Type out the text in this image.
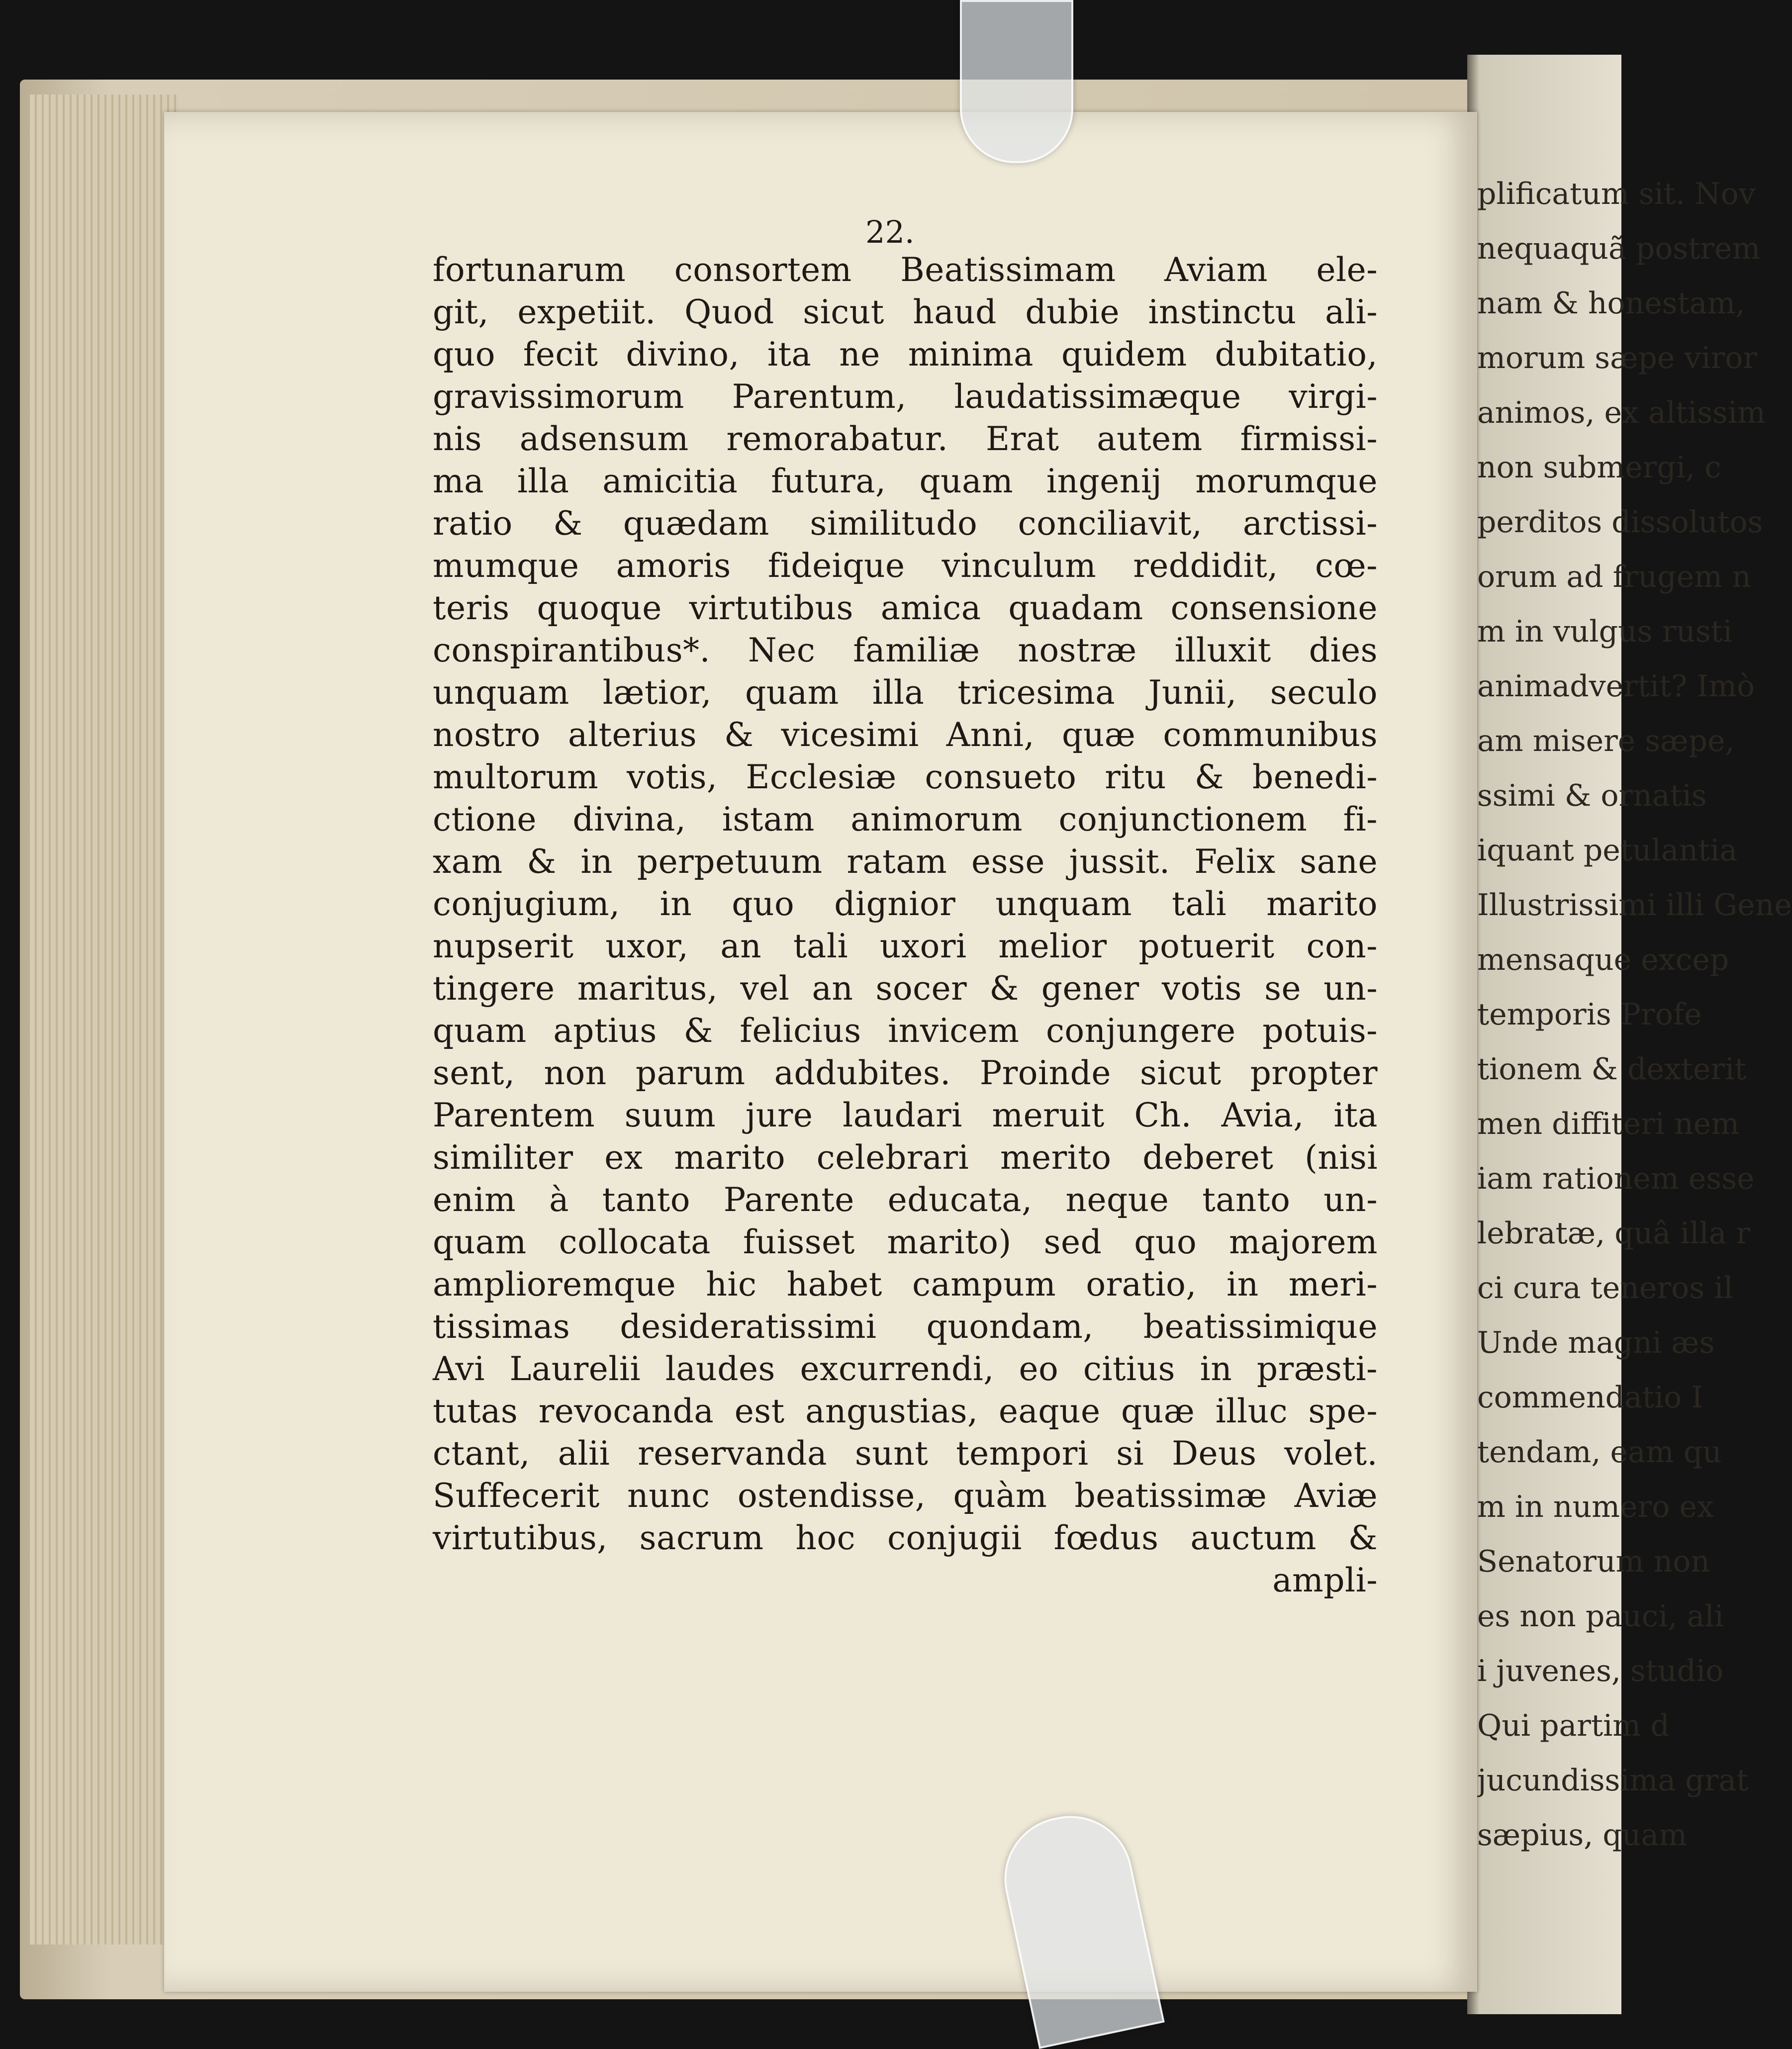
plificatum sit. Nov
nequaquã postrem
nam & honestam,
morum sæpe viror
animos, ex altissim
non submergi, c
perditos dissolutos
orum ad frugem n
m in vulgus rusti
animadvertit? Imò
am misere sæpe,
ssimi & ornatis
iquant petulantia
Illustrissimi illi Gene
mensaque excep
temporis Profe
tionem & dexterit
men diffiteri nem
iam rationem esse
lebratæ, quâ illa r
ci cura teneros il
Unde magni æs
commendatio I
tendam, eam qu
m in numero ex
Senatorum non
es non pauci, ali
i juvenes, studio
Qui partim d
jucundissima grat
sæpius, quam
22.
fortunarum consortem Beatissimam Aviam ele-
git, expetiit. Quod sicut haud dubie instinctu ali-
quo fecit divino, ita ne minima quidem dubitatio,
gravissimorum Parentum, laudatissimæque virgi-
nis adsensum remorabatur. Erat autem firmissi-
ma illa amicitia futura, quam ingenij morumque
ratio & quædam similitudo conciliavit, arctissi-
mumque amoris fideique vinculum reddidit, cœ-
teris quoque virtutibus amica quadam consensione
conspirantibus*. Nec familiæ nostræ illuxit dies
unquam lætior, quam illa tricesima Junii, seculo
nostro alterius & vicesimi Anni, quæ communibus
multorum votis, Ecclesiæ consueto ritu & benedi-
ctione divina, istam animorum conjunctionem fi-
xam & in perpetuum ratam esse jussit. Felix sane
conjugium, in quo dignior unquam tali marito
nupserit uxor, an tali uxori melior potuerit con-
tingere maritus, vel an socer & gener votis se un-
quam aptius & felicius invicem conjungere potuis-
sent, non parum addubites. Proinde sicut propter
Parentem suum jure laudari meruit Ch. Avia, ita
similiter ex marito celebrari merito deberet (nisi
enim à tanto Parente educata, neque tanto un-
quam collocata fuisset marito) sed quo majorem
amplioremque hic habet campum oratio, in meri-
tissimas desideratissimi quondam, beatissimique
Avi Laurelii laudes excurrendi, eo citius in præsti-
tutas revocanda est angustias, eaque quæ illuc spe-
ctant, alii reservanda sunt tempori si Deus volet.
Suffecerit nunc ostendisse, quàm beatissimæ Aviæ
virtutibus, sacrum hoc conjugii fœdus auctum &
ampli-
